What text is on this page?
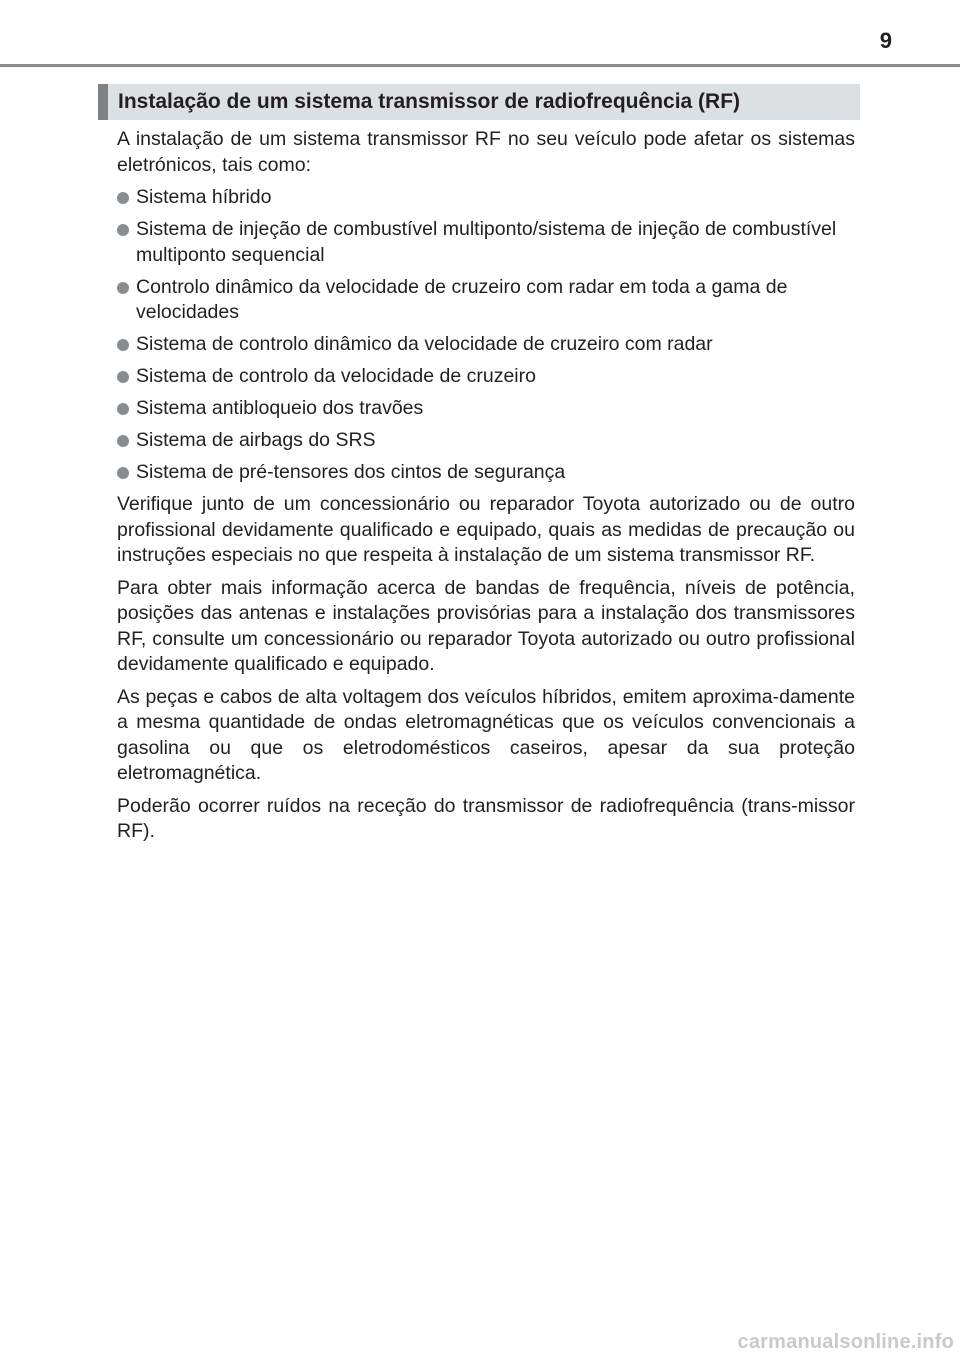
9
Instalação de um sistema transmissor de radiofrequência (RF)

A instalação de um sistema transmissor RF no seu veículo pode afetar os sistemas eletrónicos, tais como:

Sistema híbrido
Sistema de injeção de combustível multiponto/sistema de injeção de combustível multiponto sequencial
Controlo dinâmico da velocidade de cruzeiro com radar em toda a gama de velocidades
Sistema de controlo dinâmico da velocidade de cruzeiro com radar
Sistema de controlo da velocidade de cruzeiro
Sistema antibloqueio dos travões
Sistema de airbags do SRS
Sistema de pré-tensores dos cintos de segurança

Verifique junto de um concessionário ou reparador Toyota autorizado ou de outro profissional devidamente qualificado e equipado, quais as medidas de precaução ou instruções especiais no que respeita à instalação de um sistema transmissor RF.

Para obter mais informação acerca de bandas de frequência, níveis de potência, posições das antenas e instalações provisórias para a instalação dos transmissores RF, consulte um concessionário ou reparador Toyota autorizado ou outro profissional devidamente qualificado e equipado.

As peças e cabos de alta voltagem dos veículos híbridos, emitem aproxima-damente a mesma quantidade de ondas eletromagnéticas que os veículos convencionais a gasolina ou que os eletrodomésticos caseiros, apesar da sua proteção eletromagnética.

Poderão ocorrer ruídos na receção do transmissor de radiofrequência (trans-missor RF).

carmanualsonline.info
